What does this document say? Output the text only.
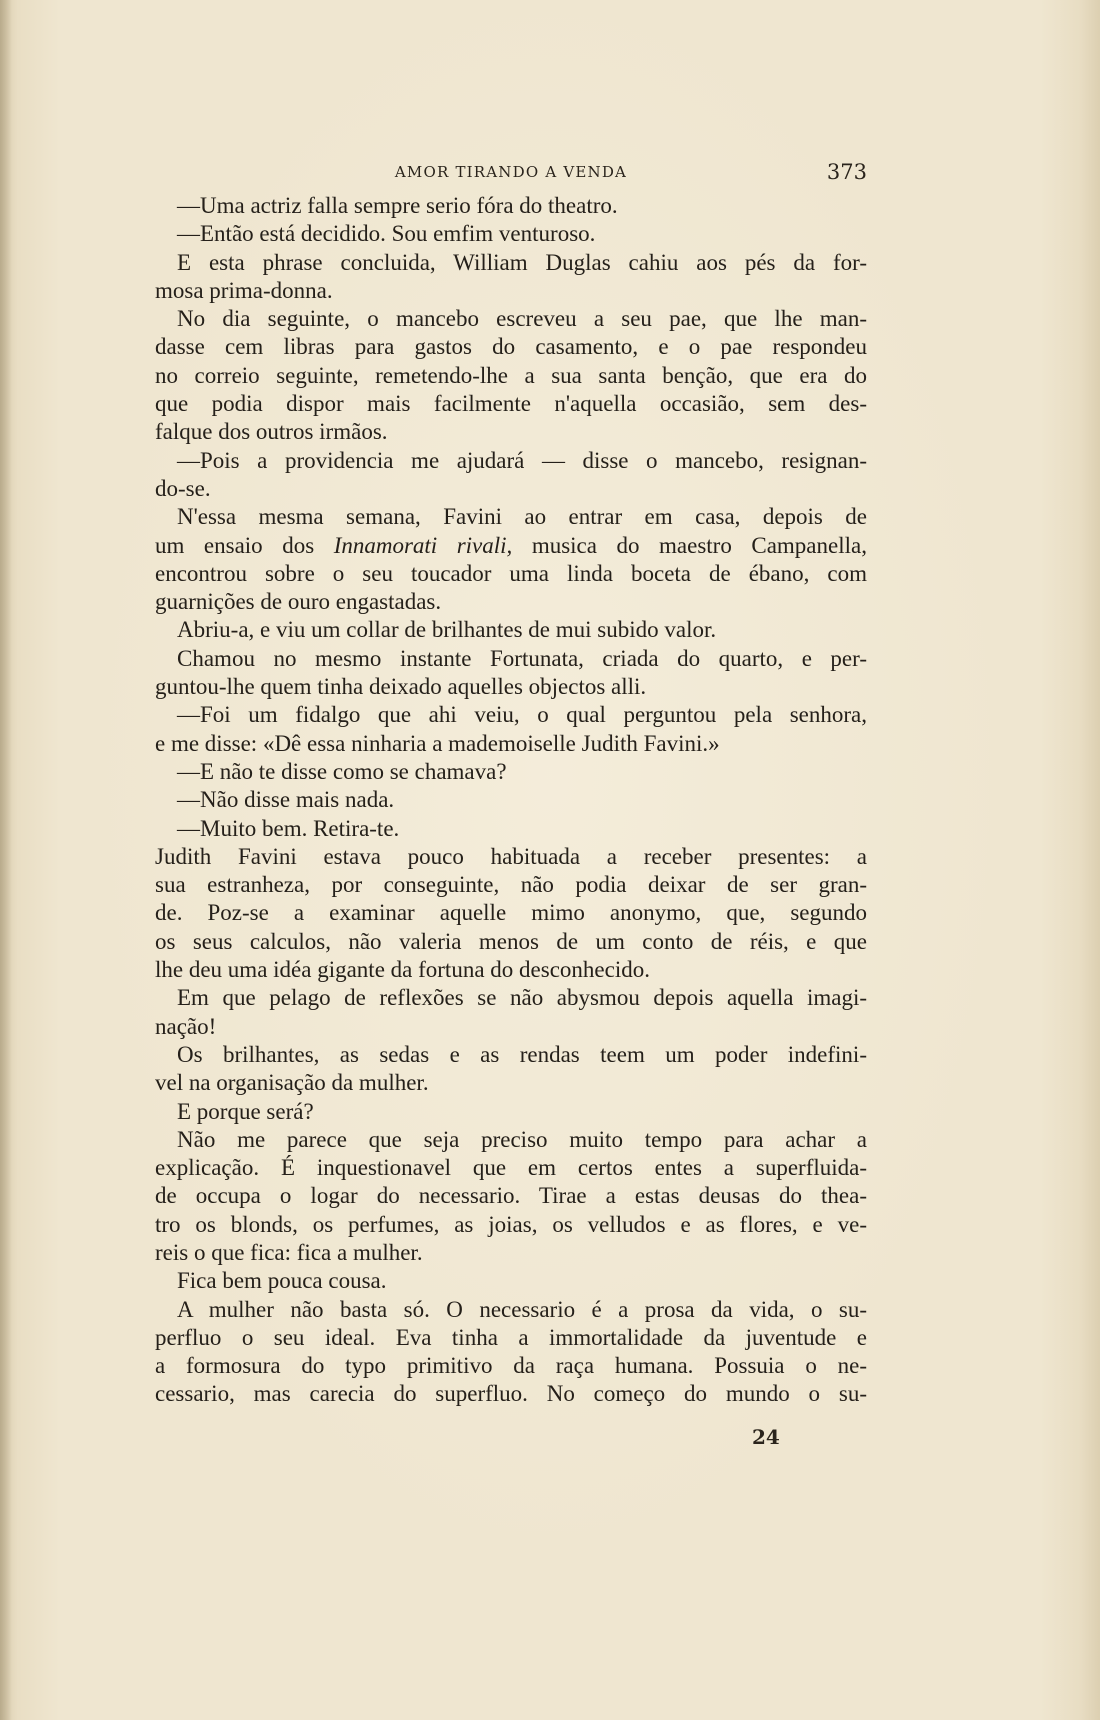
AMOR TIRANDO A VENDA	373
—Uma actriz falla sempre serio fóra do theatro.
—Então está decidido. Sou emfim venturoso.
E esta phrase concluida, William Duglas cahiu aos pés da for-
mosa prima-donna.
No dia seguinte, o mancebo escreveu a seu pae, que lhe man-
dasse cem libras para gastos do casamento, e o pae respondeu
no correio seguinte, remetendo-lhe a sua santa benção, que era do
que podia dispor mais facilmente n'aquella occasião, sem des-
falque dos outros irmãos.
—Pois a providencia me ajudará — disse o mancebo, resignan-
do-se.
N'essa mesma semana, Favini ao entrar em casa, depois de
um ensaio dos Innamorati rivali, musica do maestro Campanella,
encontrou sobre o seu toucador uma linda boceta de ébano, com
guarnições de ouro engastadas.
Abriu-a, e viu um collar de brilhantes de mui subido valor.
Chamou no mesmo instante Fortunata, criada do quarto, e per-
guntou-lhe quem tinha deixado aquelles objectos alli.
—Foi um fidalgo que ahi veiu, o qual perguntou pela senhora,
e me disse: «Dê essa ninharia a mademoiselle Judith Favini.»
—E não te disse como se chamava?
—Não disse mais nada.
—Muito bem. Retira-te.
Judith Favini estava pouco habituada a receber presentes: a
sua estranheza, por conseguinte, não podia deixar de ser gran-
de. Poz-se a examinar aquelle mimo anonymo, que, segundo
os seus calculos, não valeria menos de um conto de réis, e que
lhe deu uma idéa gigante da fortuna do desconhecido.
Em que pelago de reflexões se não abysmou depois aquella imagi-
nação!
Os brilhantes, as sedas e as rendas teem um poder indefini-
vel na organisação da mulher.
E porque será?
Não me parece que seja preciso muito tempo para achar a
explicação. É inquestionavel que em certos entes a superfluida-
de occupa o logar do necessario. Tirae a estas deusas do thea-
tro os blonds, os perfumes, as joias, os velludos e as flores, e ve-
reis o que fica: fica a mulher.
Fica bem pouca cousa.
A mulher não basta só. O necessario é a prosa da vida, o su-
perfluo o seu ideal. Eva tinha a immortalidade da juventude e
a formosura do typo primitivo da raça humana. Possuia o ne-
cessario, mas carecia do superfluo. No começo do mundo o su-
24
